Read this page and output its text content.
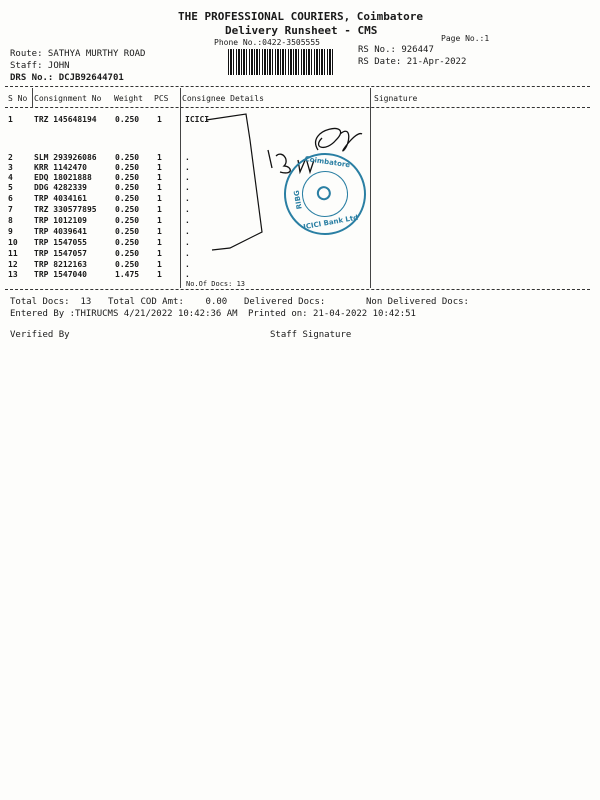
THE PROFESSIONAL COURIERS, Coimbatore
Delivery Runsheet - CMS
Phone No.:0422-3505555	Page No.:1
Route: SATHYA MURTHY ROAD
Staff: JOHN
DRS No.: DCJB92644701
RS No.: 926447
RS Date: 21-Apr-2022
S No Consignment No Weight PCS Consignee Details	Signature
1	TRZ 145648194 0.250 1	ICICI
2	SLM 293926086 0.250 1	.
3	KRR 1142470	0.250 1	.
4	EDQ 18021888	0.250 1	.
5	DDG 4282339	0.250 1	.
6	TRP 4034161	0.250 1	.
7	TRZ 330577895 0.250 1	.
8	TRP 1012109	0.250 1	.
9	TRP 4039641	0.250 1	.
10 TRP 1547055	0.250 1	.
11 TRP 1547057	0.250 1	.
12 TRP 8212163	0.250 1	.
13 TRP 1547040	1.475 1	.
No.Of Docs: 13
Coimbatore
RIBG
ICICI Bank Ltd
Total Docs:  13 Total COD Amt:    0.00 Delivered Docs:	Non Delivered Docs:
Entered By :THIRUCMS 4/21/2022 10:42:36 AM Printed on: 21-04-2022 10:42:51
Verified By	Staff Signature
